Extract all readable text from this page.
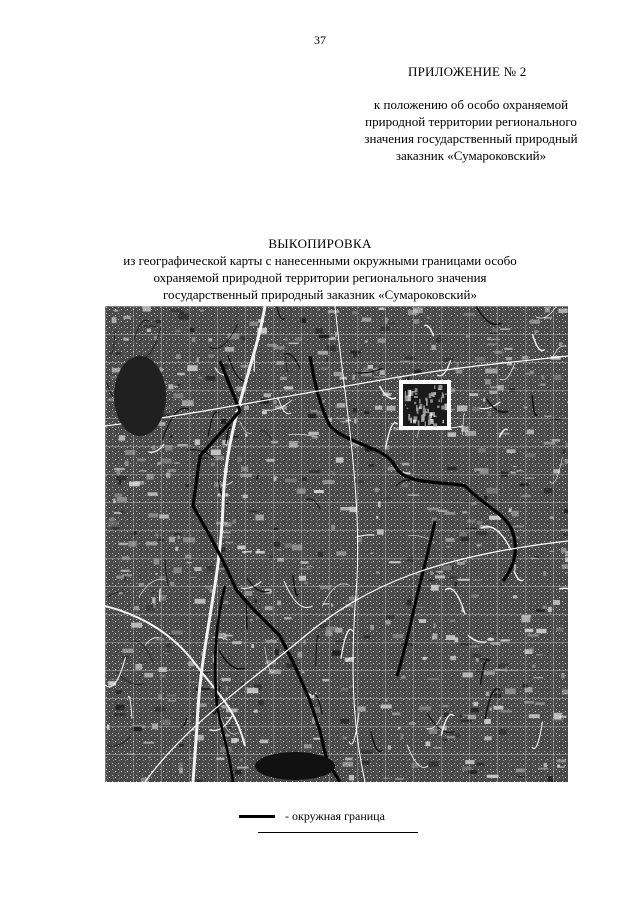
37
ПРИЛОЖЕНИЕ № 2
к положению об особо охраняемой
природной территории регионального
значения государственный природный
заказник «Сумароковский»
ВЫКОПИРОВКА
из географической карты с нанесенными окружными границами особо
охраняемой природной территории регионального значения
государственный природный заказник «Сумароковский»
- окружная граница
